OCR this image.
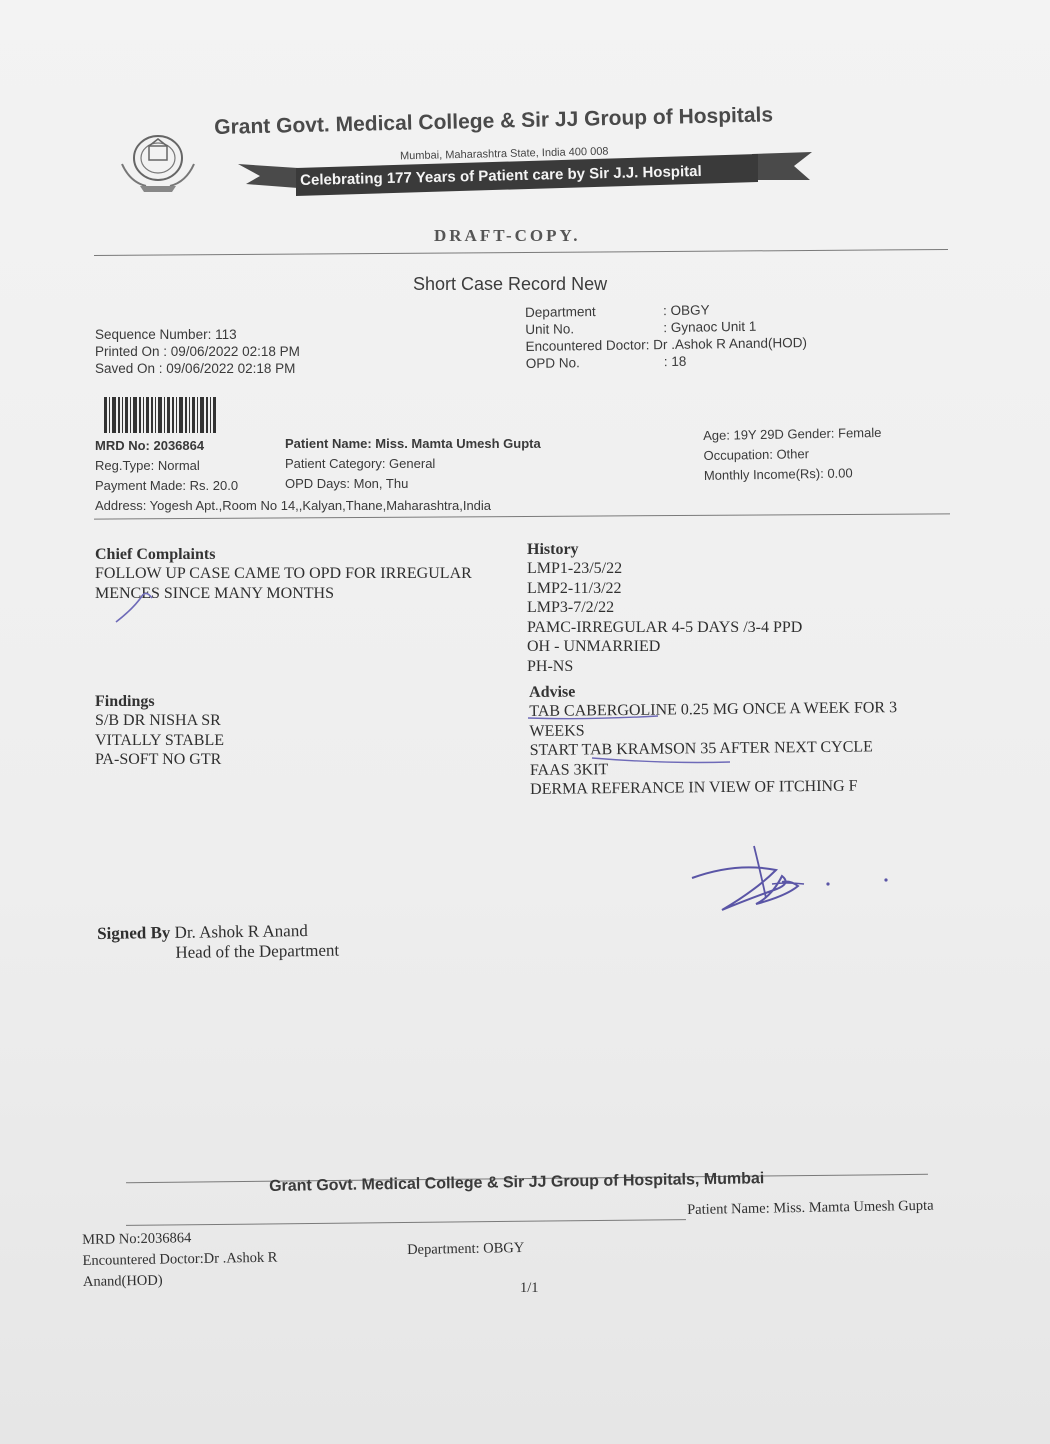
Grant Govt. Medical College & Sir JJ Group of Hospitals
Mumbai, Maharashtra State, India 400 008
Celebrating 177 Years of Patient care by Sir J.J. Hospital
DRAFT-COPY.
Short Case Record New
Sequence Number: 113
Printed On : 09/06/2022 02:18 PM
Saved On : 09/06/2022 02:18 PM
Department	: OBGY
Unit No.	: Gynaoc Unit 1
Encountered Doctor: Dr .Ashok R Anand(HOD)
OPD No.	: 18
MRD No: 2036864
Reg.Type: Normal
Payment Made: Rs. 20.0
Patient Name: Miss. Mamta Umesh Gupta
Patient Category: General
OPD Days: Mon, Thu
Age: 19Y 29D Gender: Female
Occupation: Other
Monthly Income(Rs): 0.00
Address: Yogesh Apt.,Room No 14,,Kalyan,Thane,Maharashtra,India
Chief Complaints
FOLLOW UP CASE CAME TO OPD FOR IRREGULAR
MENCES SINCE MANY MONTHS
History
LMP1-23/5/22
LMP2-11/3/22
LMP3-7/2/22
PAMC-IRREGULAR 4-5 DAYS /3-4 PPD
OH - UNMARRIED
PH-NS
Findings
S/B DR NISHA SR
VITALLY STABLE
PA-SOFT NO GTR
Advise
TAB CABERGOLINE 0.25 MG ONCE A WEEK FOR 3
WEEKS
START TAB KRAMSON 35 AFTER NEXT CYCLE
FAAS 3KIT
DERMA REFERANCE IN VIEW OF ITCHING F
Signed By Dr. Ashok R Anand
Head of the Department
Grant Govt. Medical College & Sir JJ Group of Hospitals, Mumbai
Patient Name: Miss. Mamta Umesh Gupta
MRD No:2036864
Encountered Doctor:Dr .Ashok R
Anand(HOD)
Department: OBGY
1/1
